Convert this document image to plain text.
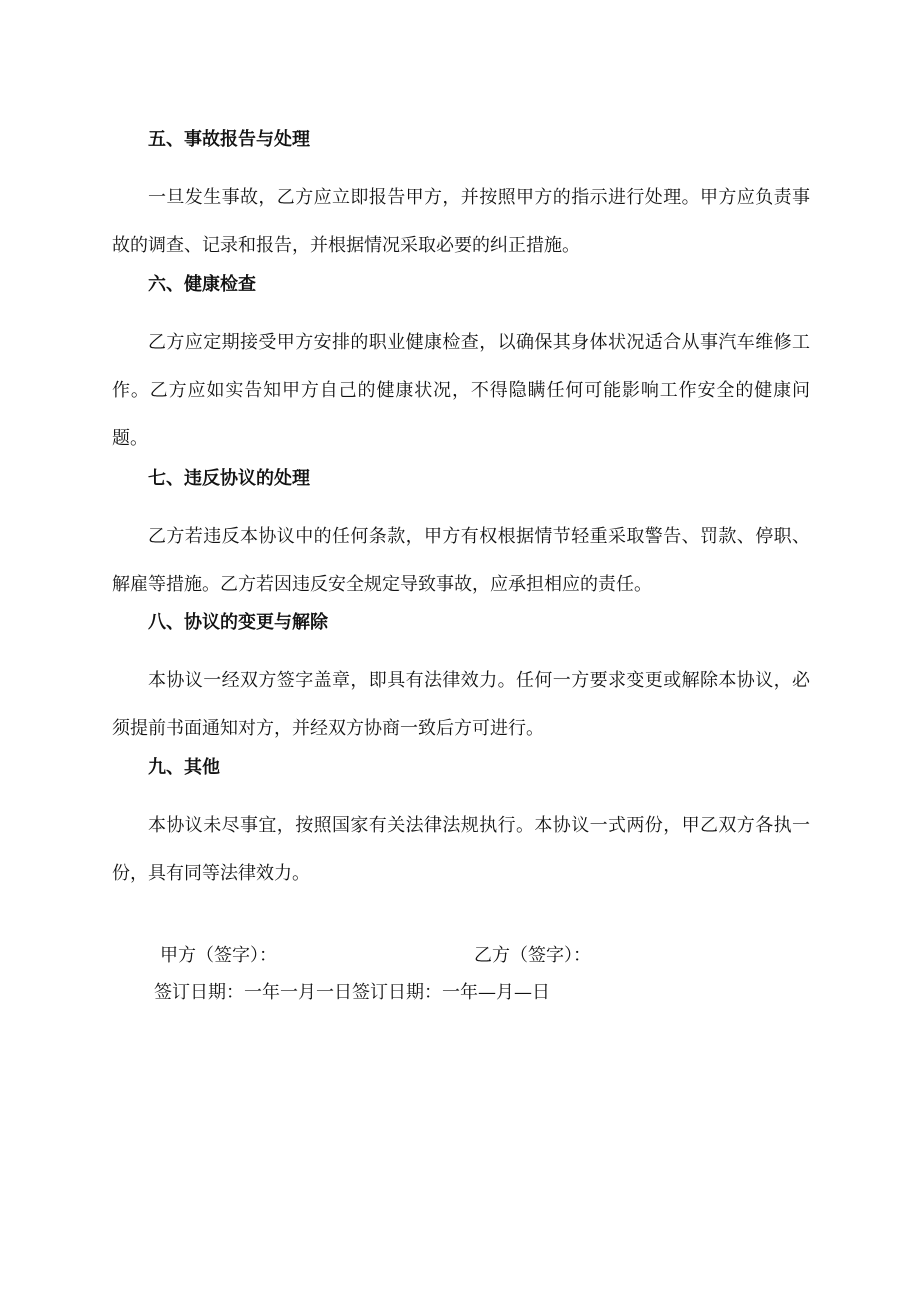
五、事故报告与处理

一旦发生事故，乙方应立即报告甲方，并按照甲方的指示进行处理。甲方应负责事故的调查、记录和报告，并根据情况采取必要的纠正措施。

六、健康检查

乙方应定期接受甲方安排的职业健康检查，以确保其身体状况适合从事汽车维修工作。乙方应如实告知甲方自己的健康状况，不得隐瞒任何可能影响工作安全的健康问题。

七、违反协议的处理

乙方若违反本协议中的任何条款，甲方有权根据情节轻重采取警告、罚款、停职、解雇等措施。乙方若因违反安全规定导致事故，应承担相应的责任。

八、协议的变更与解除

本协议一经双方签字盖章，即具有法律效力。任何一方要求变更或解除本协议，必须提前书面通知对方，并经双方协商一致后方可进行。

九、其他

本协议未尽事宜，按照国家有关法律法规执行。本协议一式两份，甲乙双方各执一份，具有同等法律效力。

甲方（签字）：	乙方（签字）：
签订日期：一年一月一日签订日期：一年—月—日
